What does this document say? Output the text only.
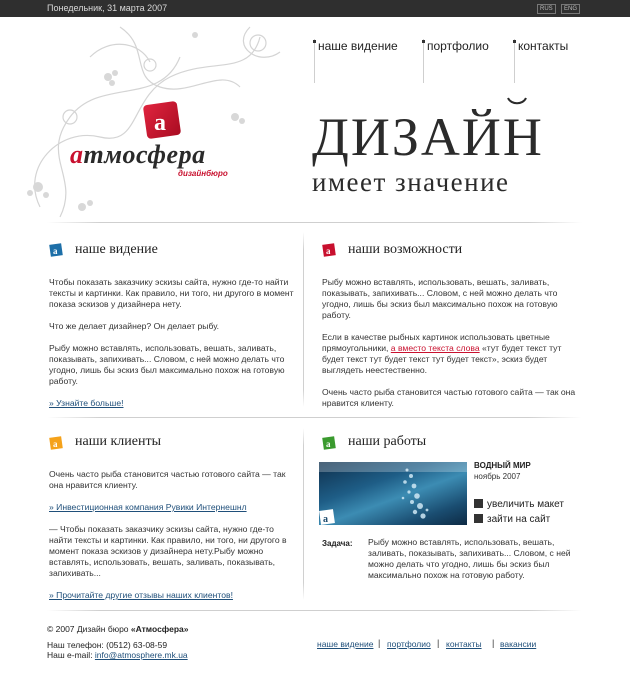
Понедельник, 31 марта 2007	RUS	ENG
a
атмосфера
дизайнбюро
наше видение	портфолио	контакты
ДИЗАЙН
имеет значение
a наше видение

Чтобы показать заказчику эскизы сайта, нужно где-то найти тексты и картинки. Как правило, ни того, ни другого в момент показа эскизов у дизайнера нету.

Что же делает дизайнер? Он делает рыбу.

Рыбу можно вставлять, использовать, вешать, заливать, показывать, запихивать... Словом, с ней можно делать что угодно, лишь бы эскиз был максимально похож на готовую работу.

» Узнайте больше!

a наши возможности

Рыбу можно вставлять, использовать, вешать, заливать, показывать, запихивать... Словом, с ней можно делать что угодно, лишь бы эскиз был максимально похож на готовую работу.

Если в качестве рыбных картинок использовать цветные прямоугольники, а вместо текста слова «тут будет текст тут будет текст тут будет текст тут будет текст», эскиз будет выглядеть неестественно.

Очень часто рыба становится частью готового сайта — так она нравится клиенту.

a наши клиенты

Очень часто рыба становится частью готового сайта — так она нравится клиенту.

» Инвестиционная компания Рувики Интернешнл

— Чтобы показать заказчику эскизы сайта, нужно где-то найти тексты и картинки. Как правило, ни того, ни другого в момент показа эскизов у дизайнера нету.Рыбу можно вставлять, использовать, вешать, заливать, показывать, запихивать...

» Прочитайте другие отзывы наших клиентов!

a наши работы
a
ВОДНЫЙ МИР
ноябрь 2007
увеличить макет
зайти на сайт
Задача: Рыбу можно вставлять, использовать, вешать, заливать, показывать, запихивать... Словом, с ней можно делать что угодно, лишь бы эскиз был максимально похож на готовую работу.
© 2007 Дизайн бюро «Атмосфера»
Наш телефон: (0512) 63-08-59
Наш e-mail: info@atmosphere.mk.ua
наше видение | портфолио | контакты | вакансии
